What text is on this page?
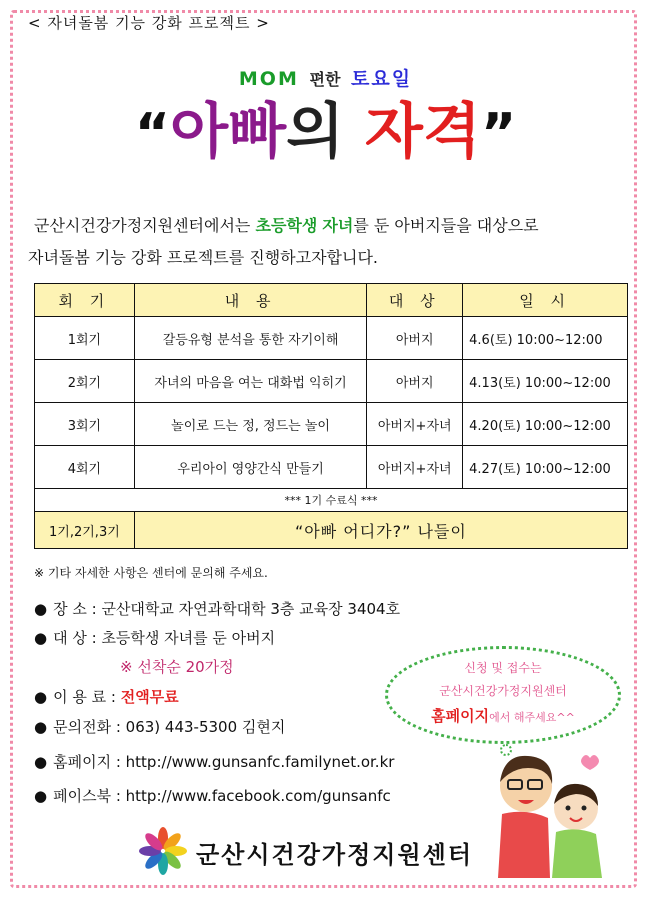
< 자녀돌봄 기능 강화 프로젝트 >
MOM 편한 토요일
“아빠의 자격”
군산시건강가정지원센터에서는 초등학생 자녀를 둔 아버지들을 대상으로
자녀돌봄 기능 강화 프로젝트를 진행하고자합니다.
회 기	내 용	대 상	일 시
1회기	갈등유형 분석을 통한 자기이해	아버지	4.6(토) 10:00~12:00
2회기	자녀의 마음을 여는 대화법 익히기	아버지	4.13(토) 10:00~12:00
3회기	놀이로 드는 정, 정드는 놀이	아버지+자녀	4.20(토) 10:00~12:00
4회기	우리아이 영양간식 만들기	아버지+자녀	4.27(토) 10:00~12:00
*** 1기 수료식 ***			
1기,2기,3기	“아빠 어디가?” 나들이		
※ 기타 자세한 사항은 센터에 문의해 주세요.
● 장 소 : 군산대학교 자연과학대학 3층 교육장 3404호
● 대 상 : 초등학생 자녀를 둔 아버지
※ 선착순 20가정
● 이 용 료 : 전액무료
● 문의전화 : 063) 443-5300 김현지
● 홈페이지 : http://www.gunsanfc.familynet.or.kr
● 페이스북 : http://www.facebook.com/gunsanfc
신청 및 접수는
군산시건강가정지원센터
홈페이지에서 해주세요^^
군산시건강가정지원센터
